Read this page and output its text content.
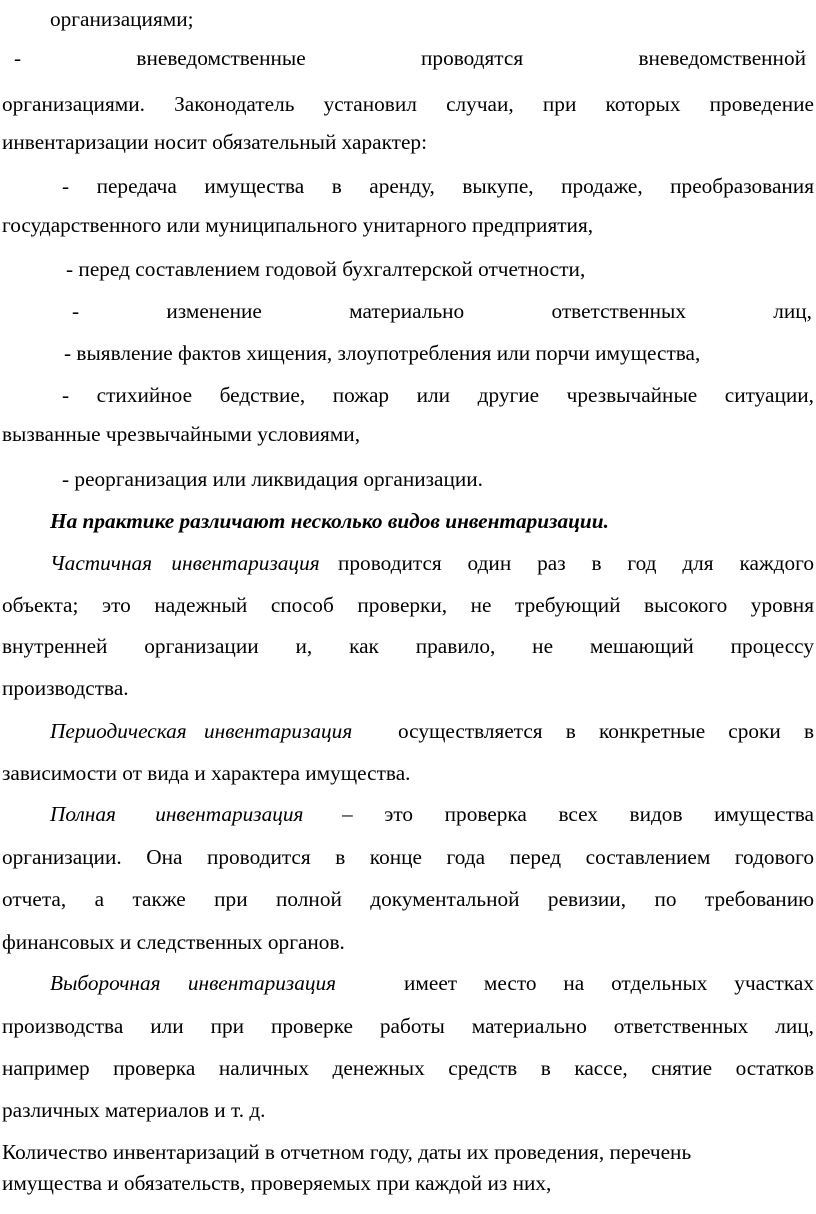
организациями;

- вневедомственные проводятся вневедомственной

организациями. Законодатель установил случаи, при которых проведение

инвентаризации носит обязательный характер:

- передача имущества в аренду, выкупе, продаже, преобразования

государственного или муниципального унитарного предприятия,

- перед составлением годовой бухгалтерской отчетности,

- изменение материально ответственных лиц,

- выявление фактов хищения, злоупотребления или порчи имущества,

- стихийное бедствие, пожар или другие чрезвычайные ситуации,

вызванные чрезвычайными условиями,

- реорганизация или ликвидация организации.

На практике различают несколько видов инвентаризации.

Частичная инвентаризация проводится один раз в год для каждого

объекта; это надежный способ проверки, не требующий высокого уровня

внутренней организации и, как правило, не мешающий процессу

производства.

Периодическая инвентаризация осуществляется в конкретные сроки в

зависимости от вида и характера имущества.

Полная инвентаризация – это проверка всех видов имущества

организации. Она проводится в конце года перед составлением годового

отчета, а также при полной документальной ревизии, по требованию

финансовых и следственных органов.

Выборочная инвентаризация	имеет место на отдельных участках

производства или при проверке работы материально ответственных лиц,

например проверка наличных денежных средств в кассе, снятие остатков

различных материалов и т. д.

Количество инвентаризаций в отчетном году, даты их проведения, перечень

имущества и обязательств, проверяемых при каждой из них,
